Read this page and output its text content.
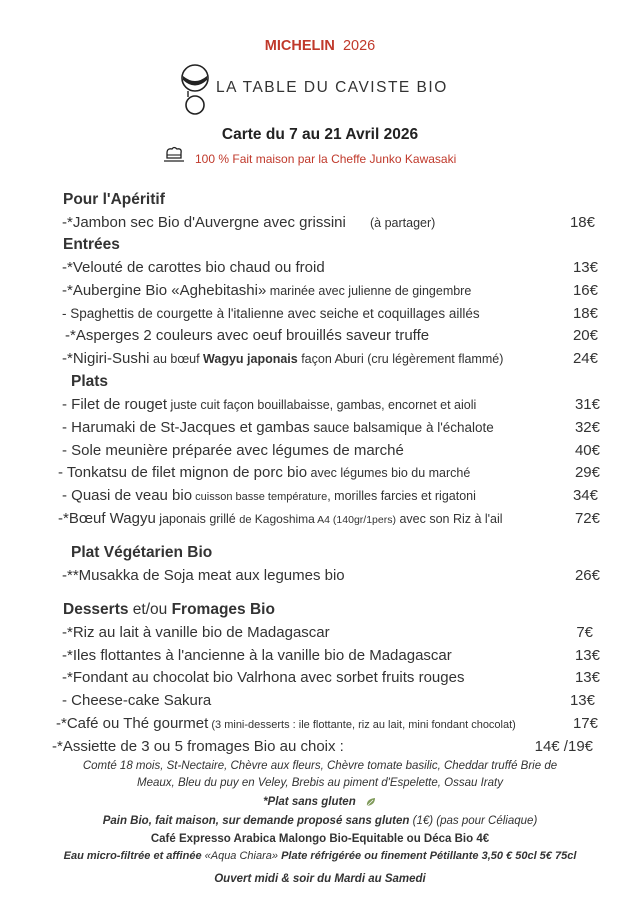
MICHELIN 2026
LA TABLE DU CAVISTE BIO
Carte du 7 au 21 Avril 2026
100 % Fait maison par la Cheffe Junko Kawasaki
Pour l'Apéritif
-*Jambon sec Bio d'Auvergne avec grissini (à partager)	18€
Entrées
-*Velouté de carottes bio chaud ou froid	13€
-*Aubergine Bio «Aghebitashi» marinée avec julienne de gingembre	16€
- Spaghettis de courgette à l'italienne avec seiche et coquillages aillés	18€
-*Asperges 2 couleurs avec oeuf brouillés saveur truffe	20€
-*Nigiri-Sushi au bœuf Wagyu japonais façon Aburi (cru légèrement flammé)	24€
Plats
- Filet de rouget juste cuit façon bouillabaisse, gambas, encornet et aioli	31€
- Harumaki de St-Jacques et gambas sauce balsamique à l'échalote	32€
- Sole meunière préparée avec légumes de marché	40€
- Tonkatsu de filet mignon de porc bio avec légumes bio du marché	29€
- Quasi de veau bio cuisson basse température, morilles farcies et rigatoni	34€
-*Bœuf Wagyu japonais grillé de Kagoshima A4 (140gr/1pers) avec son Riz à l'ail	72€
Plat Végétarien Bio
-**Musakka de Soja meat aux legumes bio	26€
Desserts et/ou Fromages Bio
-*Riz au lait à vanille bio de Madagascar	7€
-*Iles flottantes à l'ancienne à la vanille bio de Madagascar	13€
-*Fondant au chocolat bio Valrhona avec sorbet fruits rouges	13€
- Cheese-cake Sakura	13€
-*Café ou Thé gourmet (3 mini-desserts : ile flottante, riz au lait, mini fondant chocolat)	17€
-*Assiette de 3 ou 5 fromages Bio au choix :	14€ /19€
Comté 18 mois, St-Nectaire, Chèvre aux fleurs, Chèvre tomate basilic, Cheddar truffé Brie de
Meaux, Bleu du puy en Veley, Brebis au piment d'Espelette, Ossau Iraty
*Plat sans gluten
Pain Bio, fait maison, sur demande proposé sans gluten (1€) (pas pour Céliaque)
Café Expresso Arabica Malongo Bio-Equitable ou Déca Bio 4€
Eau micro-filtrée et affinée «Aqua Chiara» Plate réfrigérée ou finement Pétillante 3,50 € 50cl 5€ 75cl
Ouvert midi & soir du Mardi au Samedi
